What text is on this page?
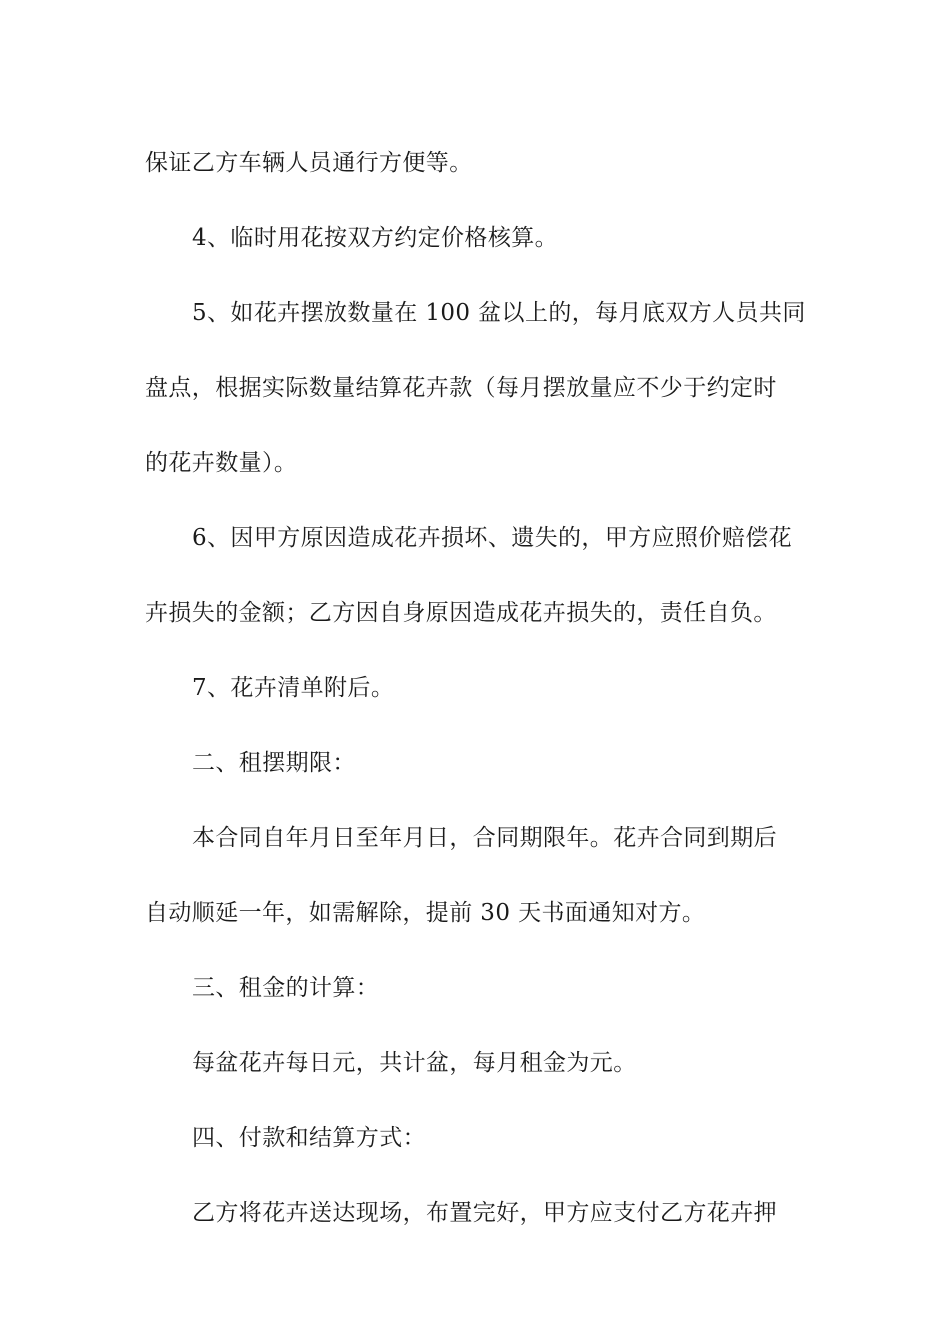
保证乙方车辆人员通行方便等。
4、临时用花按双方约定价格核算。
5、如花卉摆放数量在 100 盆以上的，每月底双方人员共同
盘点，根据实际数量结算花卉款（每月摆放量应不少于约定时
的花卉数量）。
6、因甲方原因造成花卉损坏、遗失的，甲方应照价赔偿花
卉损失的金额；乙方因自身原因造成花卉损失的，责任自负。
7、花卉清单附后。
二、租摆期限：
本合同自年月日至年月日，合同期限年。花卉合同到期后
自动顺延一年，如需解除，提前 30 天书面通知对方。
三、租金的计算：
每盆花卉每日元，共计盆，每月租金为元。
四、付款和结算方式：
乙方将花卉送达现场，布置完好，甲方应支付乙方花卉押
